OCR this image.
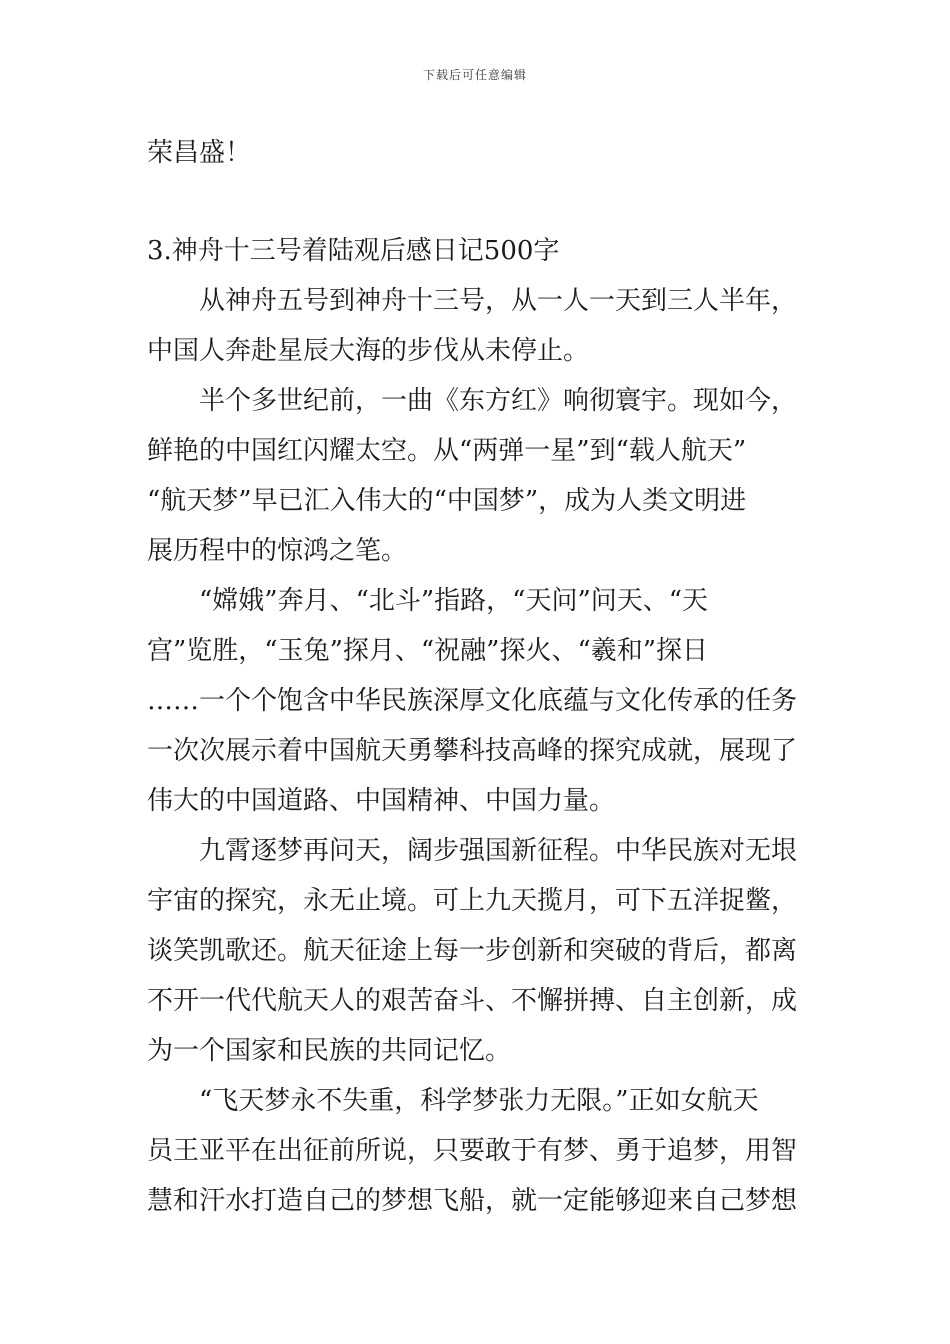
下载后可任意编辑
荣昌盛！
3.神舟十三号着陆观后感日记500字
从神舟五号到神舟十三号，从一人一天到三人半年，
中国人奔赴星辰大海的步伐从未停止。
半个多世纪前，一曲《东方红》响彻寰宇。现如今，
鲜艳的中国红闪耀太空。从“两弹一星”到“载人航天”
“航天梦”早已汇入伟大的“中国梦”，成为人类文明进
展历程中的惊鸿之笔。
“嫦娥”奔月、“北斗”指路，“天问”问天、“天
宫”览胜，“玉兔”探月、“祝融”探火、“羲和”探日
……一个个饱含中华民族深厚文化底蕴与文化传承的任务
一次次展示着中国航天勇攀科技高峰的探究成就，展现了
伟大的中国道路、中国精神、中国力量。
九霄逐梦再问天，阔步强国新征程。中华民族对无垠
宇宙的探究，永无止境。可上九天揽月，可下五洋捉鳖，
谈笑凯歌还。航天征途上每一步创新和突破的背后，都离
不开一代代航天人的艰苦奋斗、不懈拼搏、自主创新，成
为一个国家和民族的共同记忆。
“飞天梦永不失重，科学梦张力无限。”正如女航天
员王亚平在出征前所说，只要敢于有梦、勇于追梦，用智
慧和汗水打造自己的梦想飞船，就一定能够迎来自己梦想
